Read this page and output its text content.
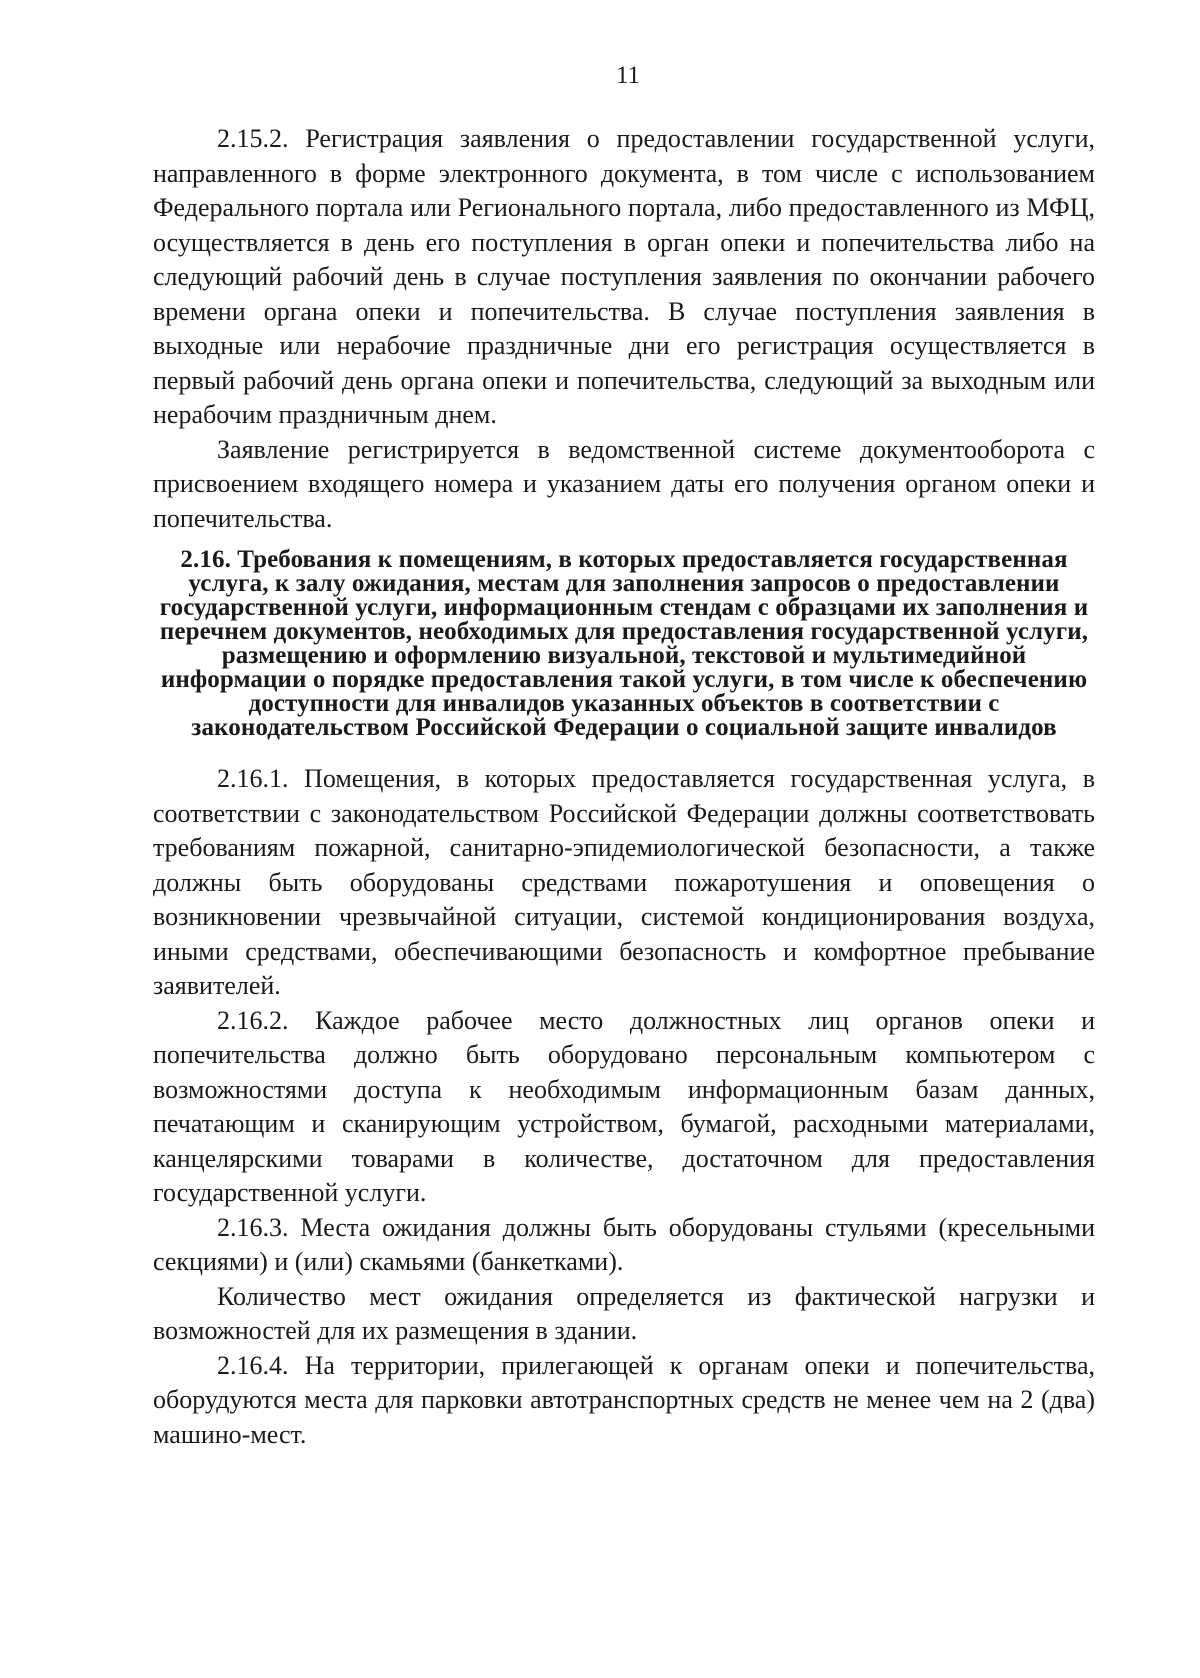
11

2.15.2. Регистрация заявления о предоставлении государственной услуги, направленного в форме электронного документа, в том числе с использованием Федерального портала или Регионального портала, либо предоставленного из МФЦ, осуществляется в день его поступления в орган опеки и попечительства либо на следующий рабочий день в случае поступления заявления по окончании рабочего времени органа опеки и попечительства. В случае поступления заявления в выходные или нерабочие праздничные дни его регистрация осуществляется в первый рабочий день органа опеки и попечительства, следующий за выходным или нерабочим праздничным днем.

Заявление регистрируется в ведомственной системе документооборота с присвоением входящего номера и указанием даты его получения органом опеки и попечительства.

2.16. Требования к помещениям, в которых предоставляется государственная услуга, к залу ожидания, местам для заполнения запросов о предоставлении государственной услуги, информационным стендам с образцами их заполнения и перечнем документов, необходимых для предоставления государственной услуги, размещению и оформлению визуальной, текстовой и мультимедийной информации о порядке предоставления такой услуги, в том числе к обеспечению доступности для инвалидов указанных объектов в соответствии с законодательством Российской Федерации о социальной защите инвалидов

2.16.1. Помещения, в которых предоставляется государственная услуга, в соответствии с законодательством Российской Федерации должны соответствовать требованиям пожарной, санитарно-эпидемиологической безопасности, а также должны быть оборудованы средствами пожаротушения и оповещения о возникновении чрезвычайной ситуации, системой кондиционирования воздуха, иными средствами, обеспечивающими безопасность и комфортное пребывание заявителей.

2.16.2. Каждое рабочее место должностных лиц органов опеки и попечительства должно быть оборудовано персональным компьютером с возможностями доступа к необходимым информационным базам данных, печатающим и сканирующим устройством, бумагой, расходными материалами, канцелярскими товарами в количестве, достаточном для предоставления государственной услуги.

2.16.3. Места ожидания должны быть оборудованы стульями (кресельными секциями) и (или) скамьями (банкетками).

Количество мест ожидания определяется из фактической нагрузки и возможностей для их размещения в здании.

2.16.4. На территории, прилегающей к органам опеки и попечительства, оборудуются места для парковки автотранспортных средств не менее чем на 2 (два) машино-мест.
